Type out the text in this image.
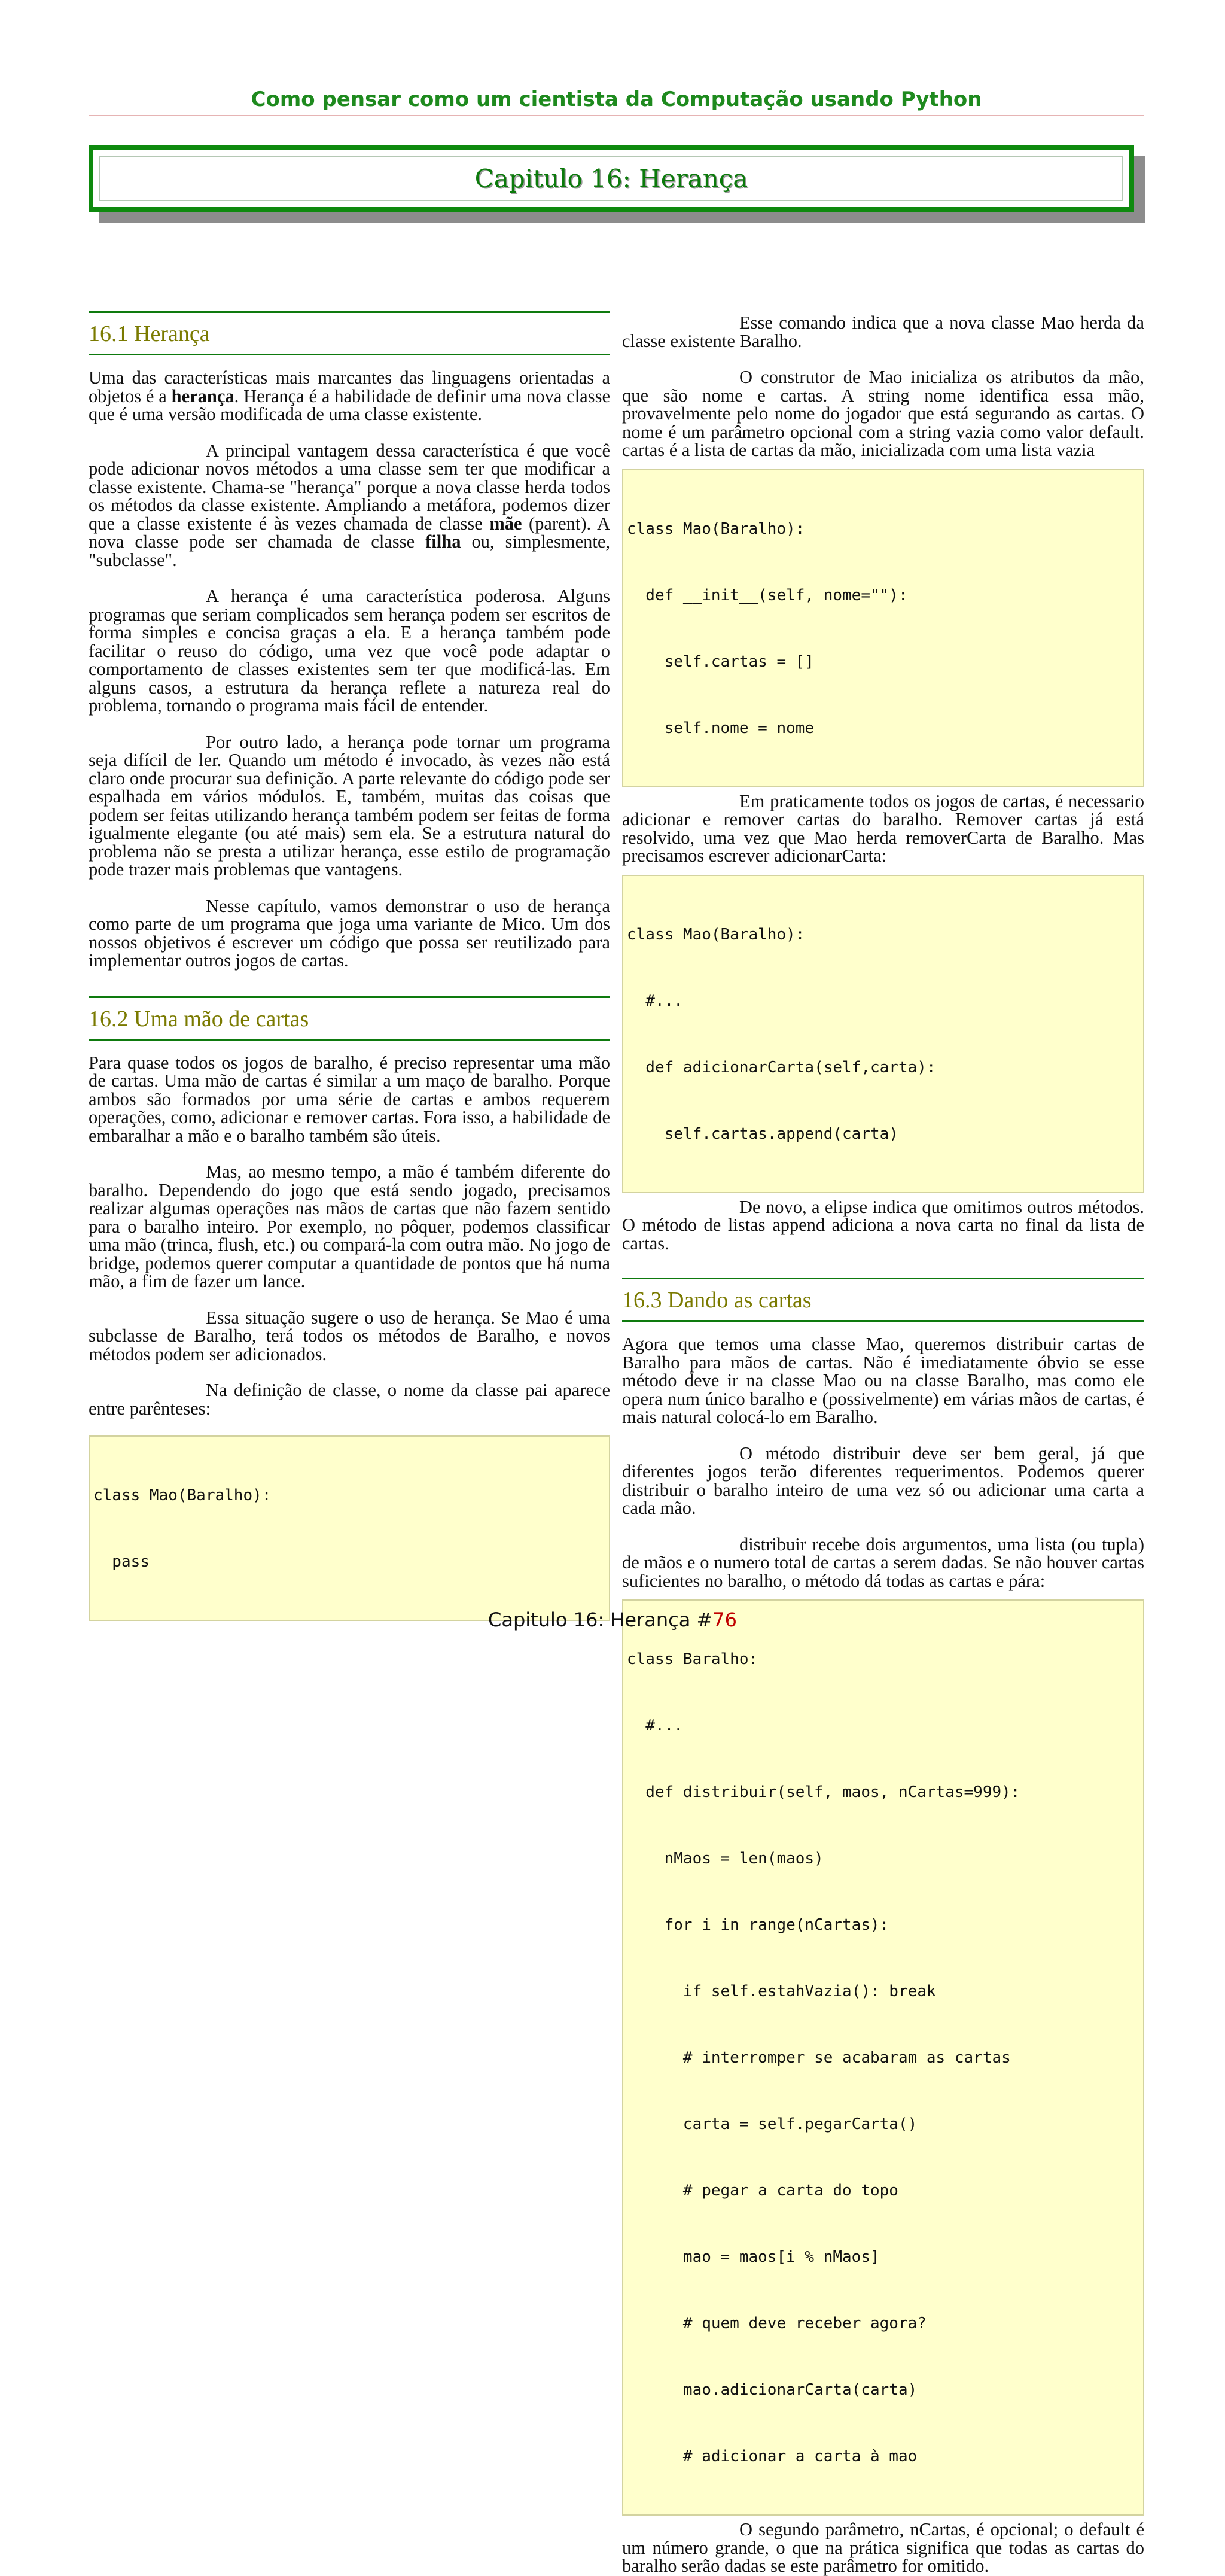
Como pensar como um cientista da Computação usando Python
Capitulo 16: Herança
16.1 Herança

Uma das características mais marcantes das linguagens orientadas a objetos é a herança. Herança é a habilidade de definir uma nova classe que é uma versão modificada de uma classe existente.

A principal vantagem dessa característica é que você pode adicionar novos métodos a uma classe sem ter que modificar a classe existente. Chama-se "herança" porque a nova classe herda todos os métodos da classe existente. Ampliando a metáfora, podemos dizer que a classe existente é às vezes chamada de classe mãe (parent). A nova classe pode ser chamada de classe filha ou, simplesmente, "subclasse".

A herança é uma característica poderosa. Alguns programas que seriam complicados sem herança podem ser escritos de forma simples e concisa graças a ela. E a herança também pode facilitar o reuso do código, uma vez que você pode adaptar o comportamento de classes existentes sem ter que modificá-las. Em alguns casos, a estrutura da herança reflete a natureza real do problema, tornando o programa mais fácil de entender.

Por outro lado, a herança pode tornar um programa seja difícil de ler. Quando um método é invocado, às vezes não está claro onde procurar sua definição. A parte relevante do código pode ser espalhada em vários módulos. E, também, muitas das coisas que podem ser feitas utilizando herança também podem ser feitas de forma igualmente elegante (ou até mais) sem ela. Se a estrutura natural do problema não se presta a utilizar herança, esse estilo de programação pode trazer mais problemas que vantagens.

Nesse capítulo, vamos demonstrar o uso de herança como parte de um programa que joga uma variante de Mico. Um dos nossos objetivos é escrever um código que possa ser reutilizado para implementar outros jogos de cartas.

16.2 Uma mão de cartas

Para quase todos os jogos de baralho, é preciso representar uma mão de cartas. Uma mão de cartas é similar a um maço de baralho. Porque ambos são formados por uma série de cartas e ambos requerem operações, como, adicionar e remover cartas. Fora isso, a habilidade de embaralhar a mão e o baralho também são úteis.

Mas, ao mesmo tempo, a mão é também diferente do baralho. Dependendo do jogo que está sendo jogado, precisamos realizar algumas operações nas mãos de cartas que não fazem sentido para o baralho inteiro. Por exemplo, no pôquer, podemos classificar uma mão (trinca, flush, etc.) ou compará-la com outra mão. No jogo de bridge, podemos querer computar a quantidade de pontos que há numa mão, a fim de fazer um lance.

Essa situação sugere o uso de herança. Se Mao é uma subclasse de Baralho, terá todos os métodos de Baralho, e novos métodos podem ser adicionados.

Na definição de classe, o nome da classe pai aparece entre parênteses:

class Mao(Baralho):

pass

Esse comando indica que a nova classe Mao herda da classe existente Baralho.

O construtor de Mao inicializa os atributos da mão, que são nome e cartas. A string nome identifica essa mão, provavelmente pelo nome do jogador que está segurando as cartas. O nome é um parâmetro opcional com a string vazia como valor default. cartas é a lista de cartas da mão, inicializada com uma lista vazia

class Mao(Baralho):

def __init__(self, nome=""):

self.cartas = []

self.nome = nome

Em praticamente todos os jogos de cartas, é necessario adicionar e remover cartas do baralho. Remover cartas já está resolvido, uma vez que Mao herda removerCarta de Baralho. Mas precisamos escrever adicionarCarta:

class Mao(Baralho):

#...

def adicionarCarta(self,carta):

self.cartas.append(carta)

De novo, a elipse indica que omitimos outros métodos. O método de listas append adiciona a nova carta no final da lista de cartas.

16.3 Dando as cartas

Agora que temos uma classe Mao, queremos distribuir cartas de Baralho para mãos de cartas. Não é imediatamente óbvio se esse método deve ir na classe Mao ou na classe Baralho, mas como ele opera num único baralho e (possivelmente) em várias mãos de cartas, é mais natural colocá-lo em Baralho.

O método distribuir deve ser bem geral, já que diferentes jogos terão diferentes requerimentos. Podemos querer distribuir o baralho inteiro de uma vez só ou adicionar uma carta a cada mão.

distribuir recebe dois argumentos, uma lista (ou tupla) de mãos e o numero total de cartas a serem dadas. Se não houver cartas suficientes no baralho, o método dá todas as cartas e pára:

class Baralho:

#...

def distribuir(self, maos, nCartas=999):

nMaos = len(maos)

for i in range(nCartas):

if self.estahVazia(): break

# interromper se acabaram as cartas

carta = self.pegarCarta()

# pegar a carta do topo

mao = maos[i % nMaos]

# quem deve receber agora?

mao.adicionarCarta(carta)

# adicionar a carta à mao

O segundo parâmetro, nCartas, é opcional; o default é um número grande, o que na prática significa que todas as cartas do baralho serão dadas se este parâmetro for omitido.

Capitulo 16: Herança #76
